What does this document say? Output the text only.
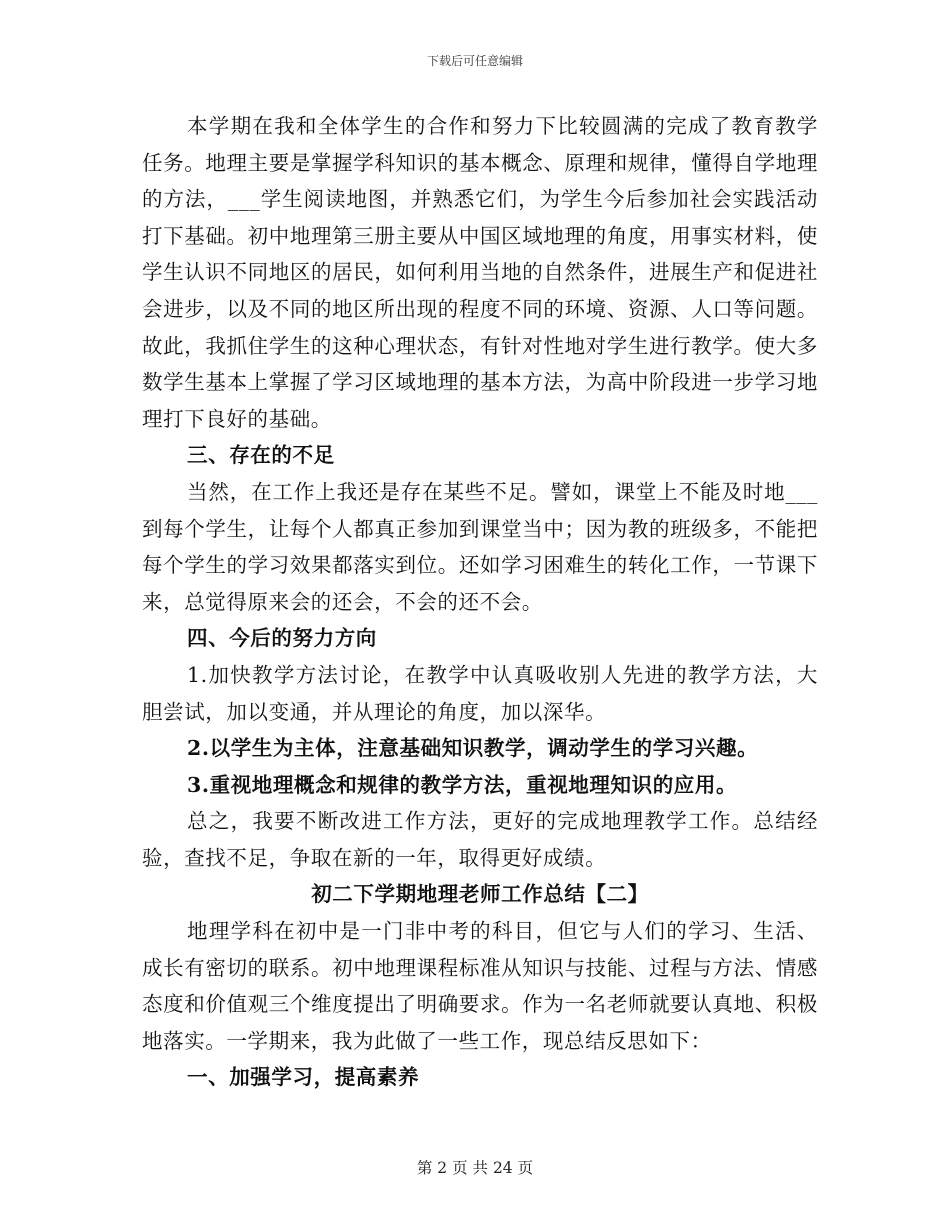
下载后可任意编辑

本学期在我和全体学生的合作和努力下比较圆满的完成了教育教学任务。地理主要是掌握学科知识的基本概念、原理和规律，懂得自学地理的方法，___学生阅读地图，并熟悉它们，为学生今后参加社会实践活动打下基础。初中地理第三册主要从中国区域地理的角度，用事实材料，使学生认识不同地区的居民，如何利用当地的自然条件，进展生产和促进社会进步，以及不同的地区所出现的程度不同的环境、资源、人口等问题。故此，我抓住学生的这种心理状态，有针对性地对学生进行教学。使大多数学生基本上掌握了学习区域地理的基本方法，为高中阶段进一步学习地理打下良好的基础。

三、存在的不足

当然，在工作上我还是存在某些不足。譬如，课堂上不能及时地___到每个学生，让每个人都真正参加到课堂当中；因为教的班级多，不能把每个学生的学习效果都落实到位。还如学习困难生的转化工作，一节课下来，总觉得原来会的还会，不会的还不会。

四、今后的努力方向

1.加快教学方法讨论，在教学中认真吸收别人先进的教学方法，大胆尝试，加以变通，并从理论的角度，加以深华。

2.以学生为主体，注意基础知识教学，调动学生的学习兴趣。

3.重视地理概念和规律的教学方法，重视地理知识的应用。

总之，我要不断改进工作方法，更好的完成地理教学工作。总结经验，查找不足，争取在新的一年，取得更好成绩。

初二下学期地理老师工作总结【二】

地理学科在初中是一门非中考的科目，但它与人们的学习、生活、成长有密切的联系。初中地理课程标准从知识与技能、过程与方法、情感态度和价值观三个维度提出了明确要求。作为一名老师就要认真地、积极地落实。一学期来，我为此做了一些工作，现总结反思如下：

一、加强学习，提高素养

第 2 页 共 24 页
